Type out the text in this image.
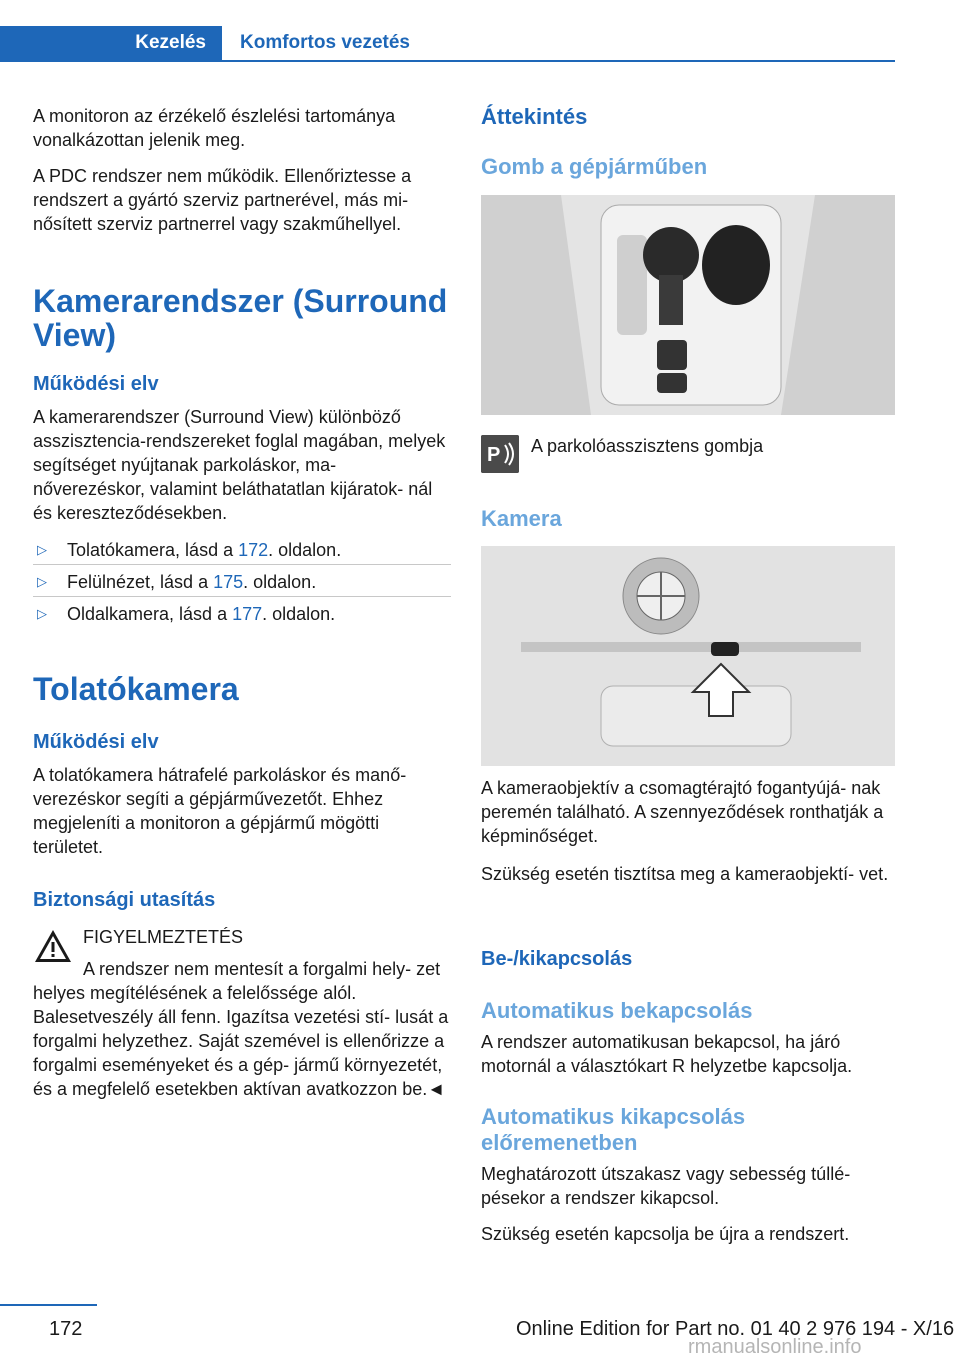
Kezelés	Komfortos vezetés

A monitoron az érzékelő észlelési tartománya vonalkázottan jelenik meg.

A PDC rendszer nem működik. Ellenőriztesse a rendszert a gyártó szerviz partnerével, más mi- nősített szerviz partnerrel vagy szakműhellyel.

Kamerarendszer (Surround View)
Működési elv

A kamerarendszer (Surround View) különböző asszisztencia-rendszereket foglal magában, melyek segítséget nyújtanak parkoláskor, ma- nőverezéskor, valamint beláthatatlan kijáratok- nál és kereszteződésekben.

▷ Tolatókamera, lásd a 172. oldalon.
▷ Felülnézet, lásd a 175. oldalon.
▷ Oldalkamera, lásd a 177. oldalon.
Tolatókamera
Működési elv

A tolatókamera hátrafelé parkoláskor és manő- verezéskor segíti a gépjárművezetőt. Ehhez megjeleníti a monitoron a gépjármű mögötti területet.

Biztonsági utasítás

FIGYELMEZTETÉS

A rendszer nem mentesít a forgalmi hely- zet helyes megítélésének a felelőssége alól. Balesetveszély áll fenn. Igazítsa vezetési stí- lusát a forgalmi helyzethez. Saját szemével is ellenőrizze a forgalmi eseményeket és a gép- jármű környezetét, és a megfelelő esetekben aktívan avatkozzon be.◄

Áttekintés
Gomb a gépjárműben
P A parkolóasszisztens gombja

Kamera

A kameraobjektív a csomagtérajtó fogantyújá- nak peremén található. A szennyeződések ronthatják a képminőséget.

Szükség esetén tisztítsa meg a kameraobjektí- vet.

Be-/kikapcsolás
Automatikus bekapcsolás

A rendszer automatikusan bekapcsol, ha járó motornál a választókart R helyzetbe kapcsolja.

Automatikus kikapcsolás előremenetben

Meghatározott útszakasz vagy sebesség túllé- pésekor a rendszer kikapcsol.

Szükség esetén kapcsolja be újra a rendszert.

172	Online Edition for Part no. 01 40 2 976 194 - X/16
rmanualsonline.info
